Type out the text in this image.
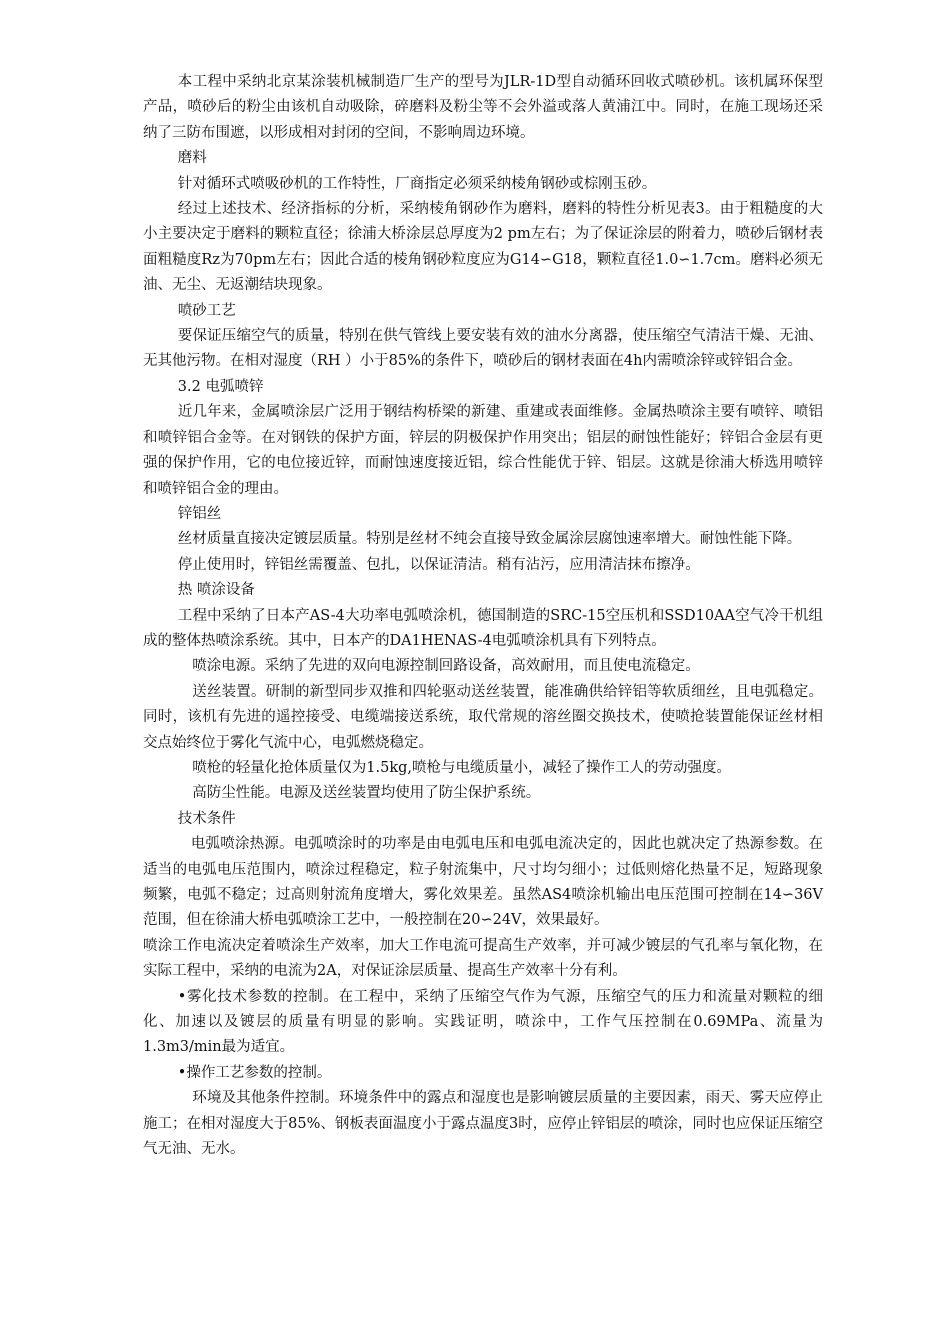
本工程中采纳北京某涂装机械制造厂生产的型号为JLR-1D型自动循环回收式喷砂机。该机属环保型产品，喷砂后的粉尘由该机自动吸除，碎磨料及粉尘等不会外溢或落人黄浦江中。同时，在施工现场还采纳了三防布围遮，以形成相对封闭的空间，不影响周边环境。

磨料

针对循环式喷吸砂机的工作特性，厂商指定必须采纳棱角钢砂或棕刚玉砂。

经过上述技术、经济指标的分析，采纳棱角钢砂作为磨料，磨料的特性分析见表3。由于粗糙度的大小主要决定于磨料的颗粒直径；徐浦大桥涂层总厚度为2 pm左右；为了保证涂层的附着力，喷砂后钢材表面粗糙度Rz为70pm左右；因此合适的棱角钢砂粒度应为G14∽G18，颗粒直径1.0∽1.7cm。磨料必须无油、无尘、无返潮结块现象。

喷砂工艺

要保证压缩空气的质量，特别在供气管线上要安装有效的油水分离器，使压缩空气清洁干燥、无油、无其他污物。在相对湿度（RH ）小于85%的条件下，喷砂后的钢材表面在4h内需喷涂锌或锌铝合金。

3.2 电弧喷锌

近几年来，金属喷涂层广泛用于钢结构桥梁的新建、重建或表面维修。金属热喷涂主要有喷锌、喷铝和喷锌铝合金等。在对钢铁的保护方面，锌层的阴极保护作用突出；铝层的耐蚀性能好；锌铝合金层有更强的保护作用，它的电位接近锌，而耐蚀速度接近铝，综合性能优于锌、铝层。这就是徐浦大桥选用喷锌和喷锌铝合金的理由。

锌铝丝

丝材质量直接决定镀层质量。特别是丝材不纯会直接导致金属涂层腐蚀速率增大。耐蚀性能下降。

停止使用时，锌铝丝需覆盖、包扎，以保证清洁。稍有沾污，应用清洁抹布擦净。

热 喷涂设备

工程中采纳了日本产AS-4大功率电弧喷涂机，德国制造的SRC-15空压机和SSD10AA空气冷干机组成的整体热喷涂系统。其中，日本产的DA1HENAS-4电弧喷涂机具有下列特点。

喷涂电源。采纳了先进的双向电源控制回路设备，高效耐用，而且使电流稳定。

送丝装置。研制的新型同步双推和四轮驱动送丝装置，能准确供给锌铝等软质细丝，且电弧稳定。同时，该机有先进的遥控接受、电缆端接送系统，取代常规的溶丝圈交换技术，使喷抢装置能保证丝材相交点始终位于雾化气流中心，电弧燃烧稳定。

喷枪的轻量化抢体质量仅为1.5kg,喷枪与电缆质量小，减轻了操作工人的劳动强度。

高防尘性能。电源及送丝装置均使用了防尘保护系统。

技术条件

电弧喷涂热源。电弧喷涂时的功率是由电弧电压和电弧电流决定的，因此也就决定了热源参数。在适当的电弧电压范围内，喷涂过程稳定，粒子射流集中，尺寸均匀细小；过低则熔化热量不足，短路现象频繁，电弧不稳定；过高则射流角度增大，雾化效果差。虽然AS4喷涂机输出电压范围可控制在14∽36V范围，但在徐浦大桥电弧喷涂工艺中，一般控制在20∽24V，效果最好。

喷涂工作电流决定着喷涂生产效率，加大工作电流可提高生产效率，并可减少镀层的气孔率与氧化物，在实际工程中，采纳的电流为2A，对保证涂层质量、提高生产效率十分有利。

•雾化技术参数的控制。在工程中，采纳了压缩空气作为气源，压缩空气的压力和流量对颗粒的细化、加速以及镀层的质量有明显的影响。实践证明，喷涂中，工作气压控制在0.69MPa、流量为1.3m3/min最为适宜。

•操作工艺参数的控制。

环境及其他条件控制。环境条件中的露点和湿度也是影响镀层质量的主要因素，雨天、雾天应停止施工；在相对湿度大于85%、钢板表面温度小于露点温度3时，应停止锌铝层的喷涂，同时也应保证压缩空气无油、无水。
